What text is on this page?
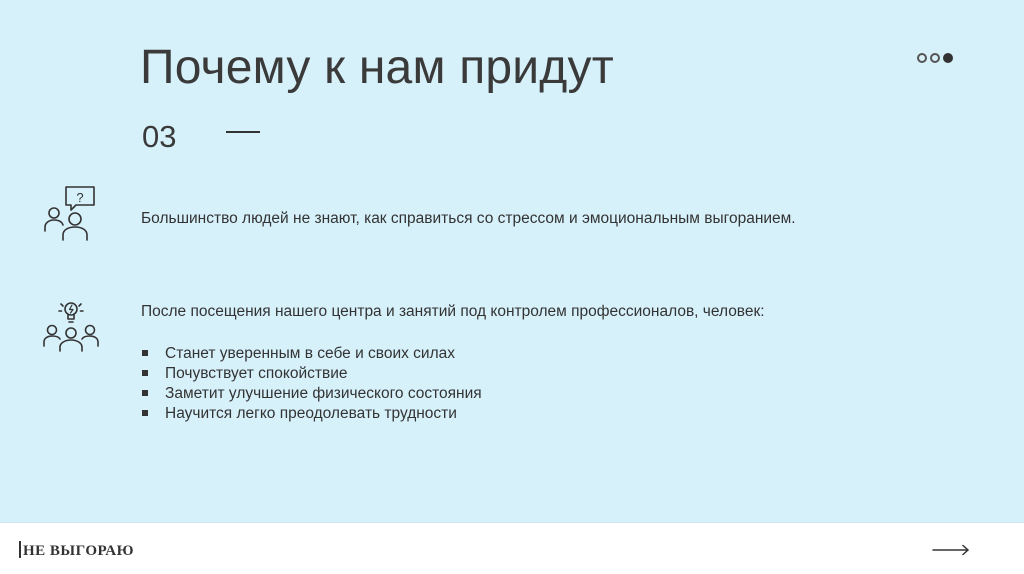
Почему к нам придут
03
?
Большинство людей не знают, как справиться со стрессом и эмоциональным выгоранием.
После посещения нашего центра и занятий под контролем профессионалов, человек:
Станет уверенным в себе и своих силах
Почувствует спокойствие
Заметит улучшение физического состояния
Научится легко преодолевать трудности
НЕ ВЫГОРАЮ
